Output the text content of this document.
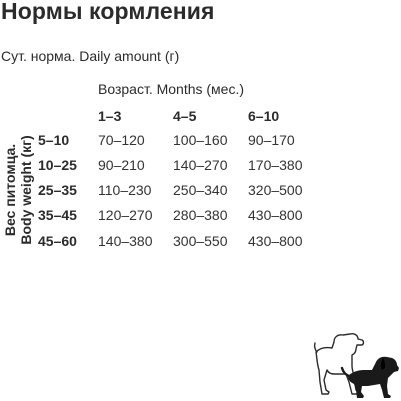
Нормы кормления
Сут. норма. Daily amount (г)
Возраст. Months (мес.)
1–3	4–5	6–10
Вес питомца. Body weight (кг) 5–10 70–120 100–160 90–170
10–25 90–210 140–270 170–380
25–35 110–230 250–340 320–500
35–45 120–270 280–380 430–800
45–60 140–380 300–550 430–800
